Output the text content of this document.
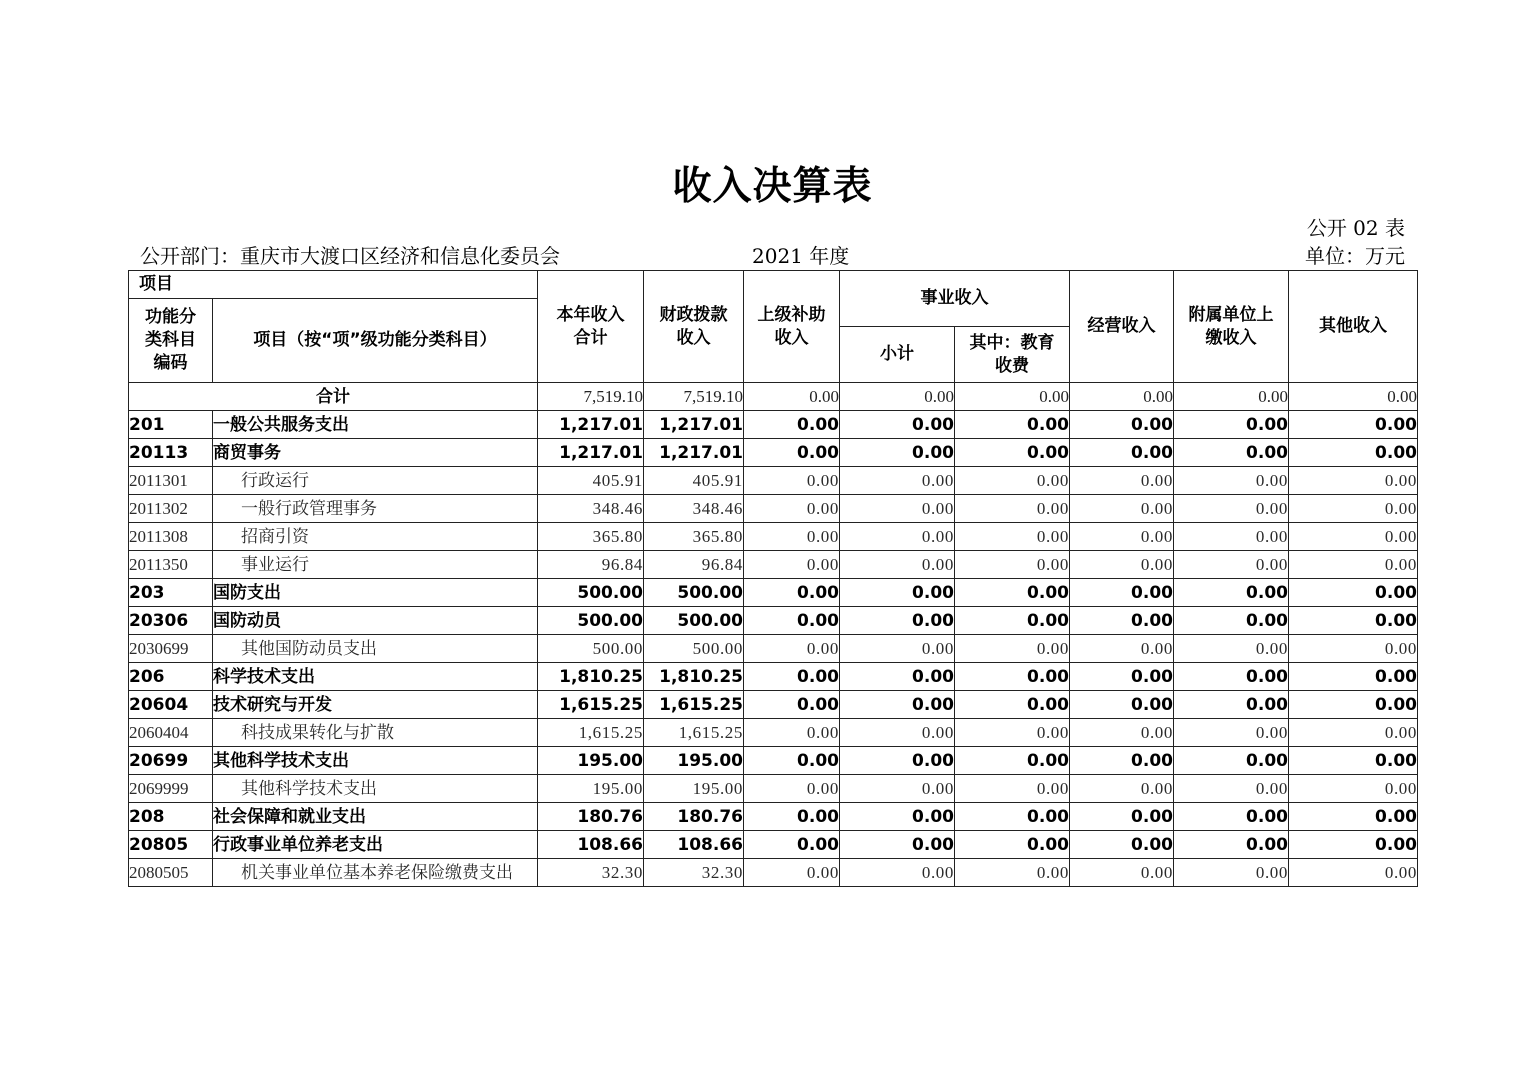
收入决算表
公开 02 表
公开部门：重庆市大渡口区经济和信息化委员会	2021 年度	单位：万元
项目		本年收入合计	财政拨款收入	上级补助收入	事业收入		经营收入	附属单位上缴收入	其他收入
功能分类科目编码	项目（按“项”级功能分类科目）								
					小计	其中：教育收费			
合计		7,519.10	7,519.10	0.00	0.00	0.00	0.00	0.00	0.00
201	一般公共服务支出	1,217.01	1,217.01	0.00	0.00	0.00	0.00	0.00	0.00
20113	商贸事务	1,217.01	1,217.01	0.00	0.00	0.00	0.00	0.00	0.00
2011301	行政运行	405.91	405.91	0.00	0.00	0.00	0.00	0.00	0.00
2011302	一般行政管理事务	348.46	348.46	0.00	0.00	0.00	0.00	0.00	0.00
2011308	招商引资	365.80	365.80	0.00	0.00	0.00	0.00	0.00	0.00
2011350	事业运行	96.84	96.84	0.00	0.00	0.00	0.00	0.00	0.00
203	国防支出	500.00	500.00	0.00	0.00	0.00	0.00	0.00	0.00
20306	国防动员	500.00	500.00	0.00	0.00	0.00	0.00	0.00	0.00
2030699	其他国防动员支出	500.00	500.00	0.00	0.00	0.00	0.00	0.00	0.00
206	科学技术支出	1,810.25	1,810.25	0.00	0.00	0.00	0.00	0.00	0.00
20604	技术研究与开发	1,615.25	1,615.25	0.00	0.00	0.00	0.00	0.00	0.00
2060404	科技成果转化与扩散	1,615.25	1,615.25	0.00	0.00	0.00	0.00	0.00	0.00
20699	其他科学技术支出	195.00	195.00	0.00	0.00	0.00	0.00	0.00	0.00
2069999	其他科学技术支出	195.00	195.00	0.00	0.00	0.00	0.00	0.00	0.00
208	社会保障和就业支出	180.76	180.76	0.00	0.00	0.00	0.00	0.00	0.00
20805	行政事业单位养老支出	108.66	108.66	0.00	0.00	0.00	0.00	0.00	0.00
2080505	机关事业单位基本养老保险缴费支出	32.30	32.30	0.00	0.00	0.00	0.00	0.00	0.00
